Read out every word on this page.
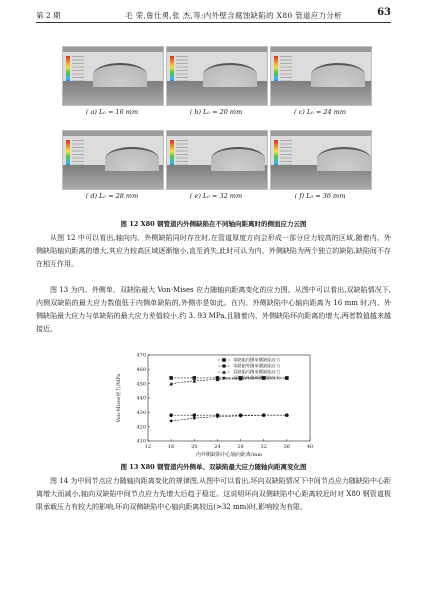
第 2 期	毛 荣,詹仕勇,张 杰,等:内外壁含腐蚀缺陷的 X80 管道应力分析	63
( a) L₀ = 16 mm	( b) L₀ = 20 mm	( c) L₀ = 24 mm
( d) L₀ = 28 mm	( e) L₀ = 32 mm	( f) L₀ = 36 mm
图 12 X80 钢管道内外侧缺陷在不同轴向距离时的侧面应力云图

从图 12 中可以看出,轴向内、外侧缺陷同时存在时,在管道厚度方向会形成一部分应力较高的区域,随着内、外侧缺陷轴向距离的增大,其应力较高区域逐渐缩小,直至消失,此时可认为内、外侧缺陷为两个独立的缺陷,缺陷间不存在相互作用。

图 13 为内、外侧单、双缺陷最大 Von-Mises 应力随轴向距离变化的应力图。从图中可以看出,双缺陷情况下,内侧双缺陷的最大应力数值低于内侧单缺陷的,外侧亦是如此。在内、外侧缺陷中心轴向距离为 16 mm 时,内、外侧缺陷最大应力与单缺陷的最大应力差值较小,约 3. 93 MPa,且随着内、外侧缺陷环向距离的增大,两者数值越来越接近。

410
420
430
440
450
460
470
12	16	20	24	28	32	36	40
Von-Mises应力/MPa
内外侧缺陷中心轴向距离/mm
单缺陷内侧单侧缺陷应力
单缺陷外侧单侧缺陷应力
双缺陷内侧单侧缺陷应力
双缺陷外侧单侧缺陷应力
图 13 X80 钢管道内外侧单、双缺陷最大应力随轴向距离变化图

图 14 为中间节点应力随轴向距离变化的规律图,从图中可以看出,环向双缺陷情况下中间节点应力随缺陷中心距离增大而减小,轴向双缺陷中间节点应力先增大后趋于稳定。这说明环向双侧缺陷中心距离较近时对 X80 钢管道极限承载压力有较大的影响,环向双侧缺陷中心轴向距离较远(>32 mm)时,影响较为有限。
